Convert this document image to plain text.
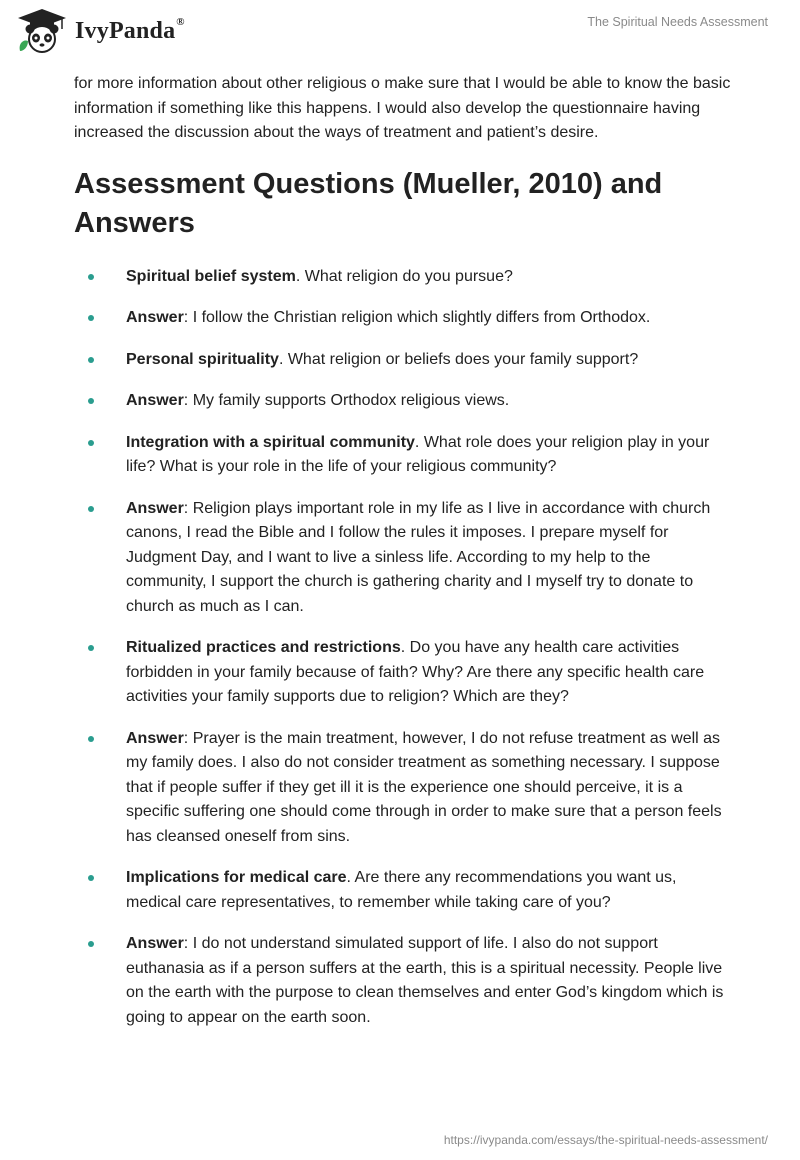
IvyPanda®	The Spiritual Needs Assessment

for more information about other religious o make sure that I would be able to know the basic information if something like this happens. I would also develop the questionnaire having increased the discussion about the ways of treatment and patient’s desire.

Assessment Questions (Mueller, 2010) and Answers
Spiritual belief system. What religion do you pursue?
Answer: I follow the Christian religion which slightly differs from Orthodox.
Personal spirituality. What religion or beliefs does your family support?
Answer: My family supports Orthodox religious views.
Integration with a spiritual community. What role does your religion play in your life? What is your role in the life of your religious community?
Answer: Religion plays important role in my life as I live in accordance with church canons, I read the Bible and I follow the rules it imposes. I prepare myself for Judgment Day, and I want to live a sinless life. According to my help to the community, I support the church is gathering charity and I myself try to donate to church as much as I can.
Ritualized practices and restrictions. Do you have any health care activities forbidden in your family because of faith? Why? Are there any specific health care activities your family supports due to religion? Which are they?
Answer: Prayer is the main treatment, however, I do not refuse treatment as well as my family does. I also do not consider treatment as something necessary. I suppose that if people suffer if they get ill it is the experience one should perceive, it is a specific suffering one should come through in order to make sure that a person feels has cleansed oneself from sins.
Implications for medical care. Are there any recommendations you want us, medical care representatives, to remember while taking care of you?
Answer: I do not understand simulated support of life. I also do not support euthanasia as if a person suffers at the earth, this is a spiritual necessity. People live on the earth with the purpose to clean themselves and enter God’s kingdom which is going to appear on the earth soon.
https://ivypanda.com/essays/the-spiritual-needs-assessment/
